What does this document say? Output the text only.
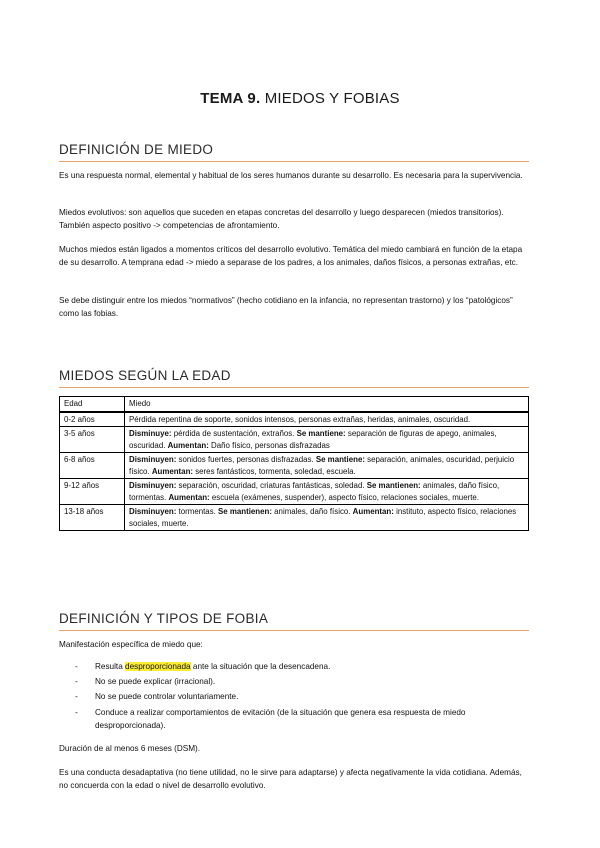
TEMA 9. MIEDOS Y FOBIAS
DEFINICIÓN DE MIEDO
Es una respuesta normal, elemental y habitual de los seres humanos durante su desarrollo. Es necesaria para la supervivencia.
Miedos evolutivos: son aquellos que suceden en etapas concretas del desarrollo y luego desparecen (miedos transitorios). También aspecto positivo -> competencias de afrontamiento.
Muchos miedos están ligados a momentos críticos del desarrollo evolutivo. Temática del miedo cambiará en función de la etapa de su desarrollo. A temprana edad -> miedo a separase de los padres, a los animales, daños físicos, a personas extrañas, etc.
Se debe distinguir entre los miedos “normativos” (hecho cotidiano en la infancia, no representan trastorno) y los “patológicos” como las fobias.
MIEDOS SEGÚN LA EDAD
Edad	Miedo
0-2 años	Pérdida repentina de soporte, sonidos intensos, personas extrañas, heridas, animales, oscuridad.
3-5 años	Disminuye: pérdida de sustentación, extraños. Se mantiene: separación de figuras de apego, animales, oscuridad. Aumentan: Daño físico, personas disfrazadas
6-8 años	Disminuyen: sonidos fuertes, personas disfrazadas. Se mantiene: separación, animales, oscuridad, perjuicio físico. Aumentan: seres fantásticos, tormenta, soledad, escuela.
9-12 años	Disminuyen: separación, oscuridad, criaturas fantásticas, soledad. Se mantienen: animales, daño físico, tormentas. Aumentan: escuela (exámenes, suspender), aspecto físico, relaciones sociales, muerte.
13-18 años	Disminuyen: tormentas. Se mantienen: animales, daño físico. Aumentan: instituto, aspecto físico, relaciones sociales, muerte.
DEFINICIÓN Y TIPOS DE FOBIA
Manifestación específica de miedo que:
- Resulta desproporcionada ante la situación que la desencadena.
- No se puede explicar (irracional).
- No se puede controlar voluntariamente.
- Conduce a realizar comportamientos de evitación (de la situación que genera esa respuesta de miedo desproporcionada).
Duración de al menos 6 meses (DSM).
Es una conducta desadaptativa (no tiene utilidad, no le sirve para adaptarse) y afecta negativamente la vida cotidiana. Además, no concuerda con la edad o nivel de desarrollo evolutivo.
